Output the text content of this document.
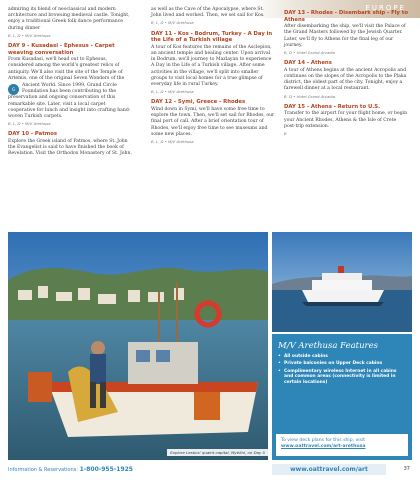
EUROPE

admiring its blend of neoclassical and modern architecture and browsing medieval castle. Tonight, enjoy a traditional Greek folk dance performance during dinner

B, L, D • M/V Arethusa
DAY 9 - Kusadasi - Ephesus - Carpet weaving conversation

From Kusadasi, we'll head out to Ephesus, considered among the world's greatest relics of antiquity. We'll also visit the site of the Temple of Artemis, one of the original Seven Wonders of the

G
Ancient World. Since 1999, Grand Circle Foundation has been contributing to the preservation and ongoing conservation of this remarkable site. Later, visit a local carpet cooperative for lunch and insight into crafting hand-woven Turkish carpets.

B, L, D • M/V Arethusa
DAY 10 - Patmos

Explore the Greek island of Patmos, where St. John the Evangelist is said to have finished the book of Revelation. Visit the Orthodox Monastery of St. John,

as well as the Cave of the Apocalypse, where St. John lived and worked. Then, we set sail for Kos.

B, L, D • M/V Arethusa
DAY 11 - Kos - Bodrum, Turkey - A Day in the Life of a Turkish village

A tour of Kos features the remains of the Asclepion, an ancient temple and healing center. Upon arrival in Bodrum, we'll journey to Mazlayan to experience A Day in the Life of a Turkish village. After some activities in the village, we'll split into smaller groups to visit local homes for a true glimpse of everyday life in rural Turkey.

B, L, D • M/V Arethusa
DAY 12 - Symi, Greece - Rhodes

Wind down in Symi, we'll have some free time to explore the town. Then, we'll set sail for Rhodes, our final port of call. After a brief orientation tour of Rhodes, we'll enjoy free time to see museums and some new places.

B, L, D • M/V Arethusa
DAY 13 - Rhodes - Disembark ship - Fly to Athens

After disembarking the ship, we'll visit the Palace of the Grand Masters followed by the Jewish Quarter. Later, we'll fly to Athens for the final leg of our journey.

B, D • Hotel Grand Arcadia
DAY 14 - Athens

A tour of Athens begins at the ancient Acropolis and continues on the slopes of the Acropolis to the Plaka district, the oldest part of the city. Tonight, enjoy a farewell dinner at a local restaurant.

B, D • Hotel Grand Arcadia
DAY 15 - Athens - Return to U.S.

Transfer to the airport for your flight home, or begin your Ancient Rhodes, Athens & the Isle of Crete post-trip extension.

B
M/V Arethusa Features
• All outside cabins
• Private balconies on Upper Deck cabins
• Complimentary wireless Internet in all cabins and common areas (connectivity is limited in certain locations)
To view deck plans for this ship, visit
www.oattravel.com/art-arethusa
Explore Lesbos' quaint capital, Mytilini, on Day 5
Information & Reservations: 1-800-955-1925	www.oattravel.com/art	37
